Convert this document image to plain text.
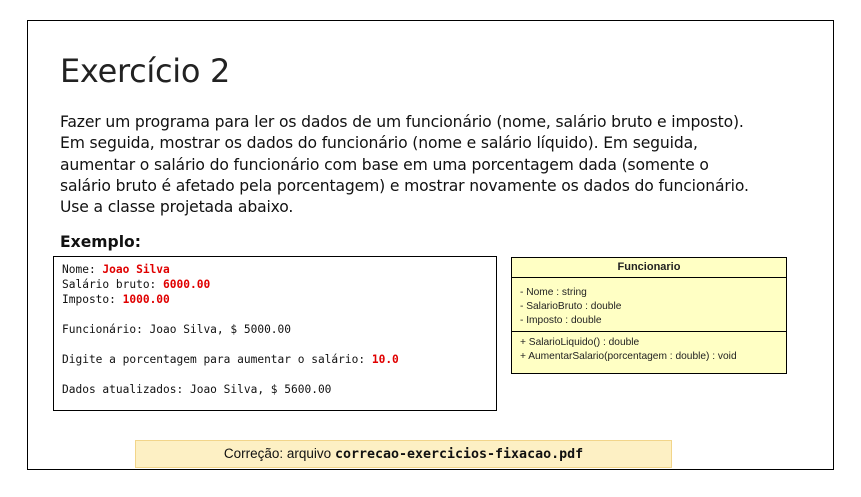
Exercício 2
Fazer um programa para ler os dados de um funcionário (nome, salário bruto e imposto). Em seguida, mostrar os dados do funcionário (nome e salário líquido). Em seguida, aumentar o salário do funcionário com base em uma porcentagem dada (somente o salário bruto é afetado pela porcentagem) e mostrar novamente os dados do funcionário. Use a classe projetada abaixo.
Exemplo:
Nome: Joao Silva
Salário bruto: 6000.00
Imposto: 1000.00
Funcionário: Joao Silva, $ 5000.00
Digite a porcentagem para aumentar o salário: 10.0
Dados atualizados: Joao Silva, $ 5600.00
Funcionario
- Nome : string
- SalarioBruto : double
- Imposto : double
+ SalarioLiquido() : double
+ AumentarSalario(porcentagem : double) : void
Correção: arquivo correcao-exercicios-fixacao.pdf
